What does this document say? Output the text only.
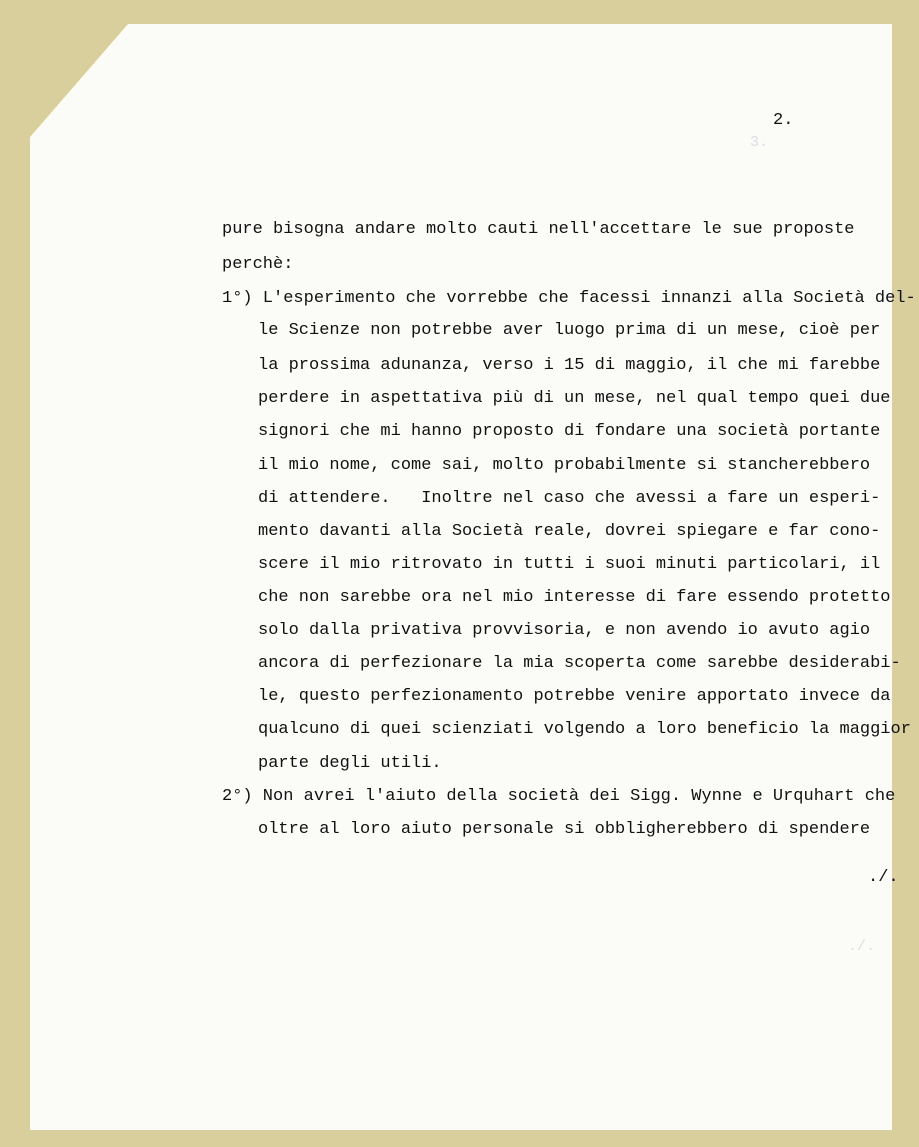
3.
./.
2.
pure bisogna andare molto cauti nell'accettare le sue proposte
perchè:
1°) L'esperimento che vorrebbe che facessi innanzi alla Società del-
le Scienze non potrebbe aver luogo prima di un mese, cioè per
la prossima adunanza, verso i 15 di maggio, il che mi farebbe
perdere in aspettativa più di un mese, nel qual tempo quei due
signori che mi hanno proposto di fondare una società portante
il mio nome, come sai, molto probabilmente si stancherebbero
di attendere.   Inoltre nel caso che avessi a fare un esperi-
mento davanti alla Società reale, dovrei spiegare e far cono-
scere il mio ritrovato in tutti i suoi minuti particolari, il
che non sarebbe ora nel mio interesse di fare essendo protetto
solo dalla privativa provvisoria, e non avendo io avuto agio
ancora di perfezionare la mia scoperta come sarebbe desiderabi-
le, questo perfezionamento potrebbe venire apportato invece da
qualcuno di quei scienziati volgendo a loro beneficio la maggior
parte degli utili.
2°) Non avrei l'aiuto della società dei Sigg. Wynne e Urquhart che
oltre al loro aiuto personale si obbligherebbero di spendere
./.
